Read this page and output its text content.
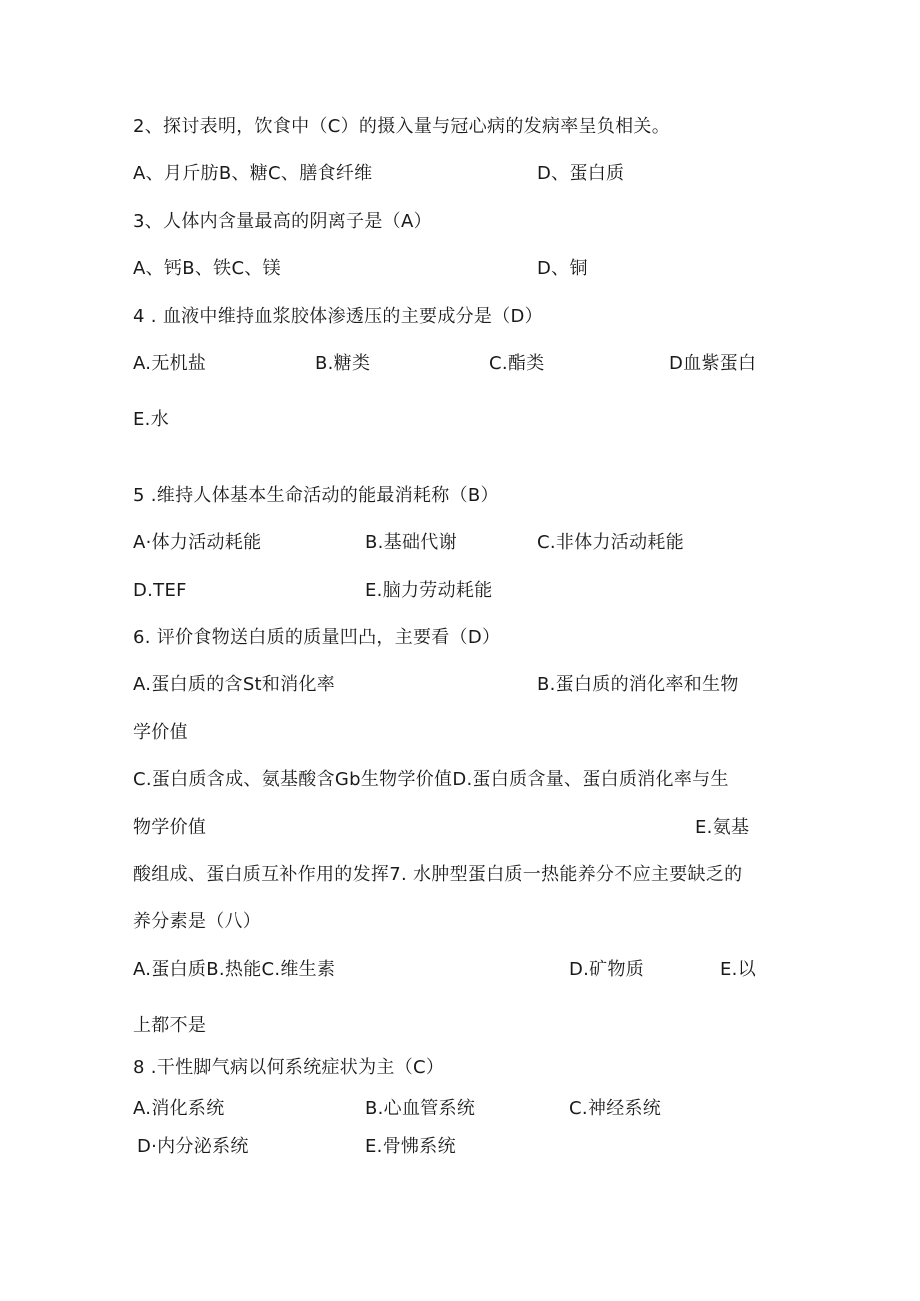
2、探讨表明，饮食中（C）的摄入量与冠心病的发病率呈负相关。
A、月斤肪B、糖C、膳食纤维	D、蛋白质
3、人体内含量最高的阴离子是（A）
A、钙B、铁C、镁	D、铜
4 . 血液中维持血浆胶体渗透压的主要成分是（D）
A.无机盐	B.糖类	C.酯类	D血紫蛋白
E.水
5 .维持人体基本生命活动的能最消耗称（B）
A·体力活动耗能	B.基础代谢	C.非体力活动耗能
D.TEF	E.脑力劳动耗能
6. 评价食物送白质的质量凹凸，主要看（D）
A.蛋白质的含St和消化率	B.蛋白质的消化率和生物
学价值
C.蛋白质含成、氨基酸含Gb生物学价值D.蛋白质含量、蛋白质消化率与生
物学价值	E.氨基
酸组成、蛋白质互补作用的发挥7. 水肿型蛋白质一热能养分不应主要缺乏的
养分素是（八）
A.蛋白质B.热能C.维生素	D.矿物质	E.以
上都不是
8 .干性脚气病以何系统症状为主（C）
A.消化系统	B.心血管系统	C.神经系统
D·内分泌系统	E.骨怫系统
